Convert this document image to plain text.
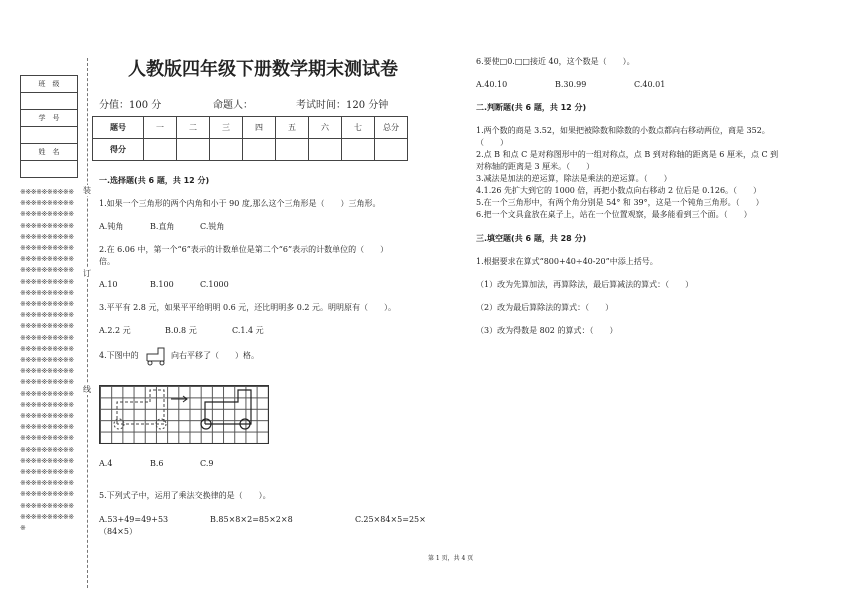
班　级

学　号

姓　名

※※※※※※※※※※※※※※※※※※※※※※※※※※※※※※※※※※※※※※※※※※※※※※※※※※※※※※※※※※※※※※※※※※※※※※※※※※※※※※※※※※※※※※※※※※※※※※※※※※※※※※※※※※※※※※※※※※※※※※※※※※※※※※※※※※※※※※※※※※※※※※※※※※※※※※※※※※※※※※※※※※※※※※※※※※※※※※※※※※※※※※※※※※※※※※※※※※※※※※※※※※※※※※※※※※※※※※※※※※※※※※※※※※※※※※※※※※※※※※※※※※※※※※※※※※※※※※※※※※※※※※※※※※※※※※※※※※※※※※※※※※※※※※※※※※※※※※※※※※※※※
装
订
线
人教版四年级下册数学期末测试卷
分值：100 分	命题人：	考试时间：120 分钟
题号	一	二	三	四	五	六	七	总分
得分								
一.选择题(共 6 题，共 12 分)
1.如果一个三角形的两个内角和小于 90 度,那么这个三角形是（　　）三角形。
A.钝角	B.直角	C.锐角
2.在 6.06 中，第一个“6”表示的计数单位是第二个“6”表示的计数单位的（　　）
倍。
A.10	B.100	C.1000
3.平平有 2.8 元，如果平平给明明 0.6 元，还比明明多 0.2 元。明明原有（　　）。
A.2.2 元	B.0.8 元	C.1.4 元
4.下图中的	向右平移了（　　）格。
A.4	B.6	C.9
5.下列式子中，运用了乘法交换律的是（　　）。
A.53+49=49+53	B.85×8×2=85×2×8	C.25×84×5=25×
（84×5）
6.要使□0.□□接近 40，这个数是（　　）。
A.40.10	B.30.99	C.40.01
二.判断题(共 6 题，共 12 分)
1.两个数的商是 3.52，如果把被除数和除数的小数点都向右移动两位，商是 352。
（　　）
2.点 B 和点 C 是对称图形中的一组对称点，点 B 到对称轴的距离是 6 厘米，点 C 到
对称轴的距离是 3 厘米。（　　）
3.减法是加法的逆运算，除法是乘法的逆运算。（　　）
4.1.26 先扩大到它的 1000 倍，再把小数点向右移动 2 位后是 0.126。（　　）
5.在一个三角形中，有两个角分别是 54° 和 39°，这是一个钝角三角形。（　　）
6.把一个文具盒放在桌子上，站在一个位置观察，最多能看到三个面。（　　）
三.填空题(共 6 题，共 28 分)
1.根据要求在算式“800+40÷40-20”中添上括号。
（1）改为先算加法，再算除法，最后算减法的算式：（　　）
（2）改为最后算除法的算式：（　　）
（3）改为得数是 802 的算式：（　　）
第 1 页，共 4 页
